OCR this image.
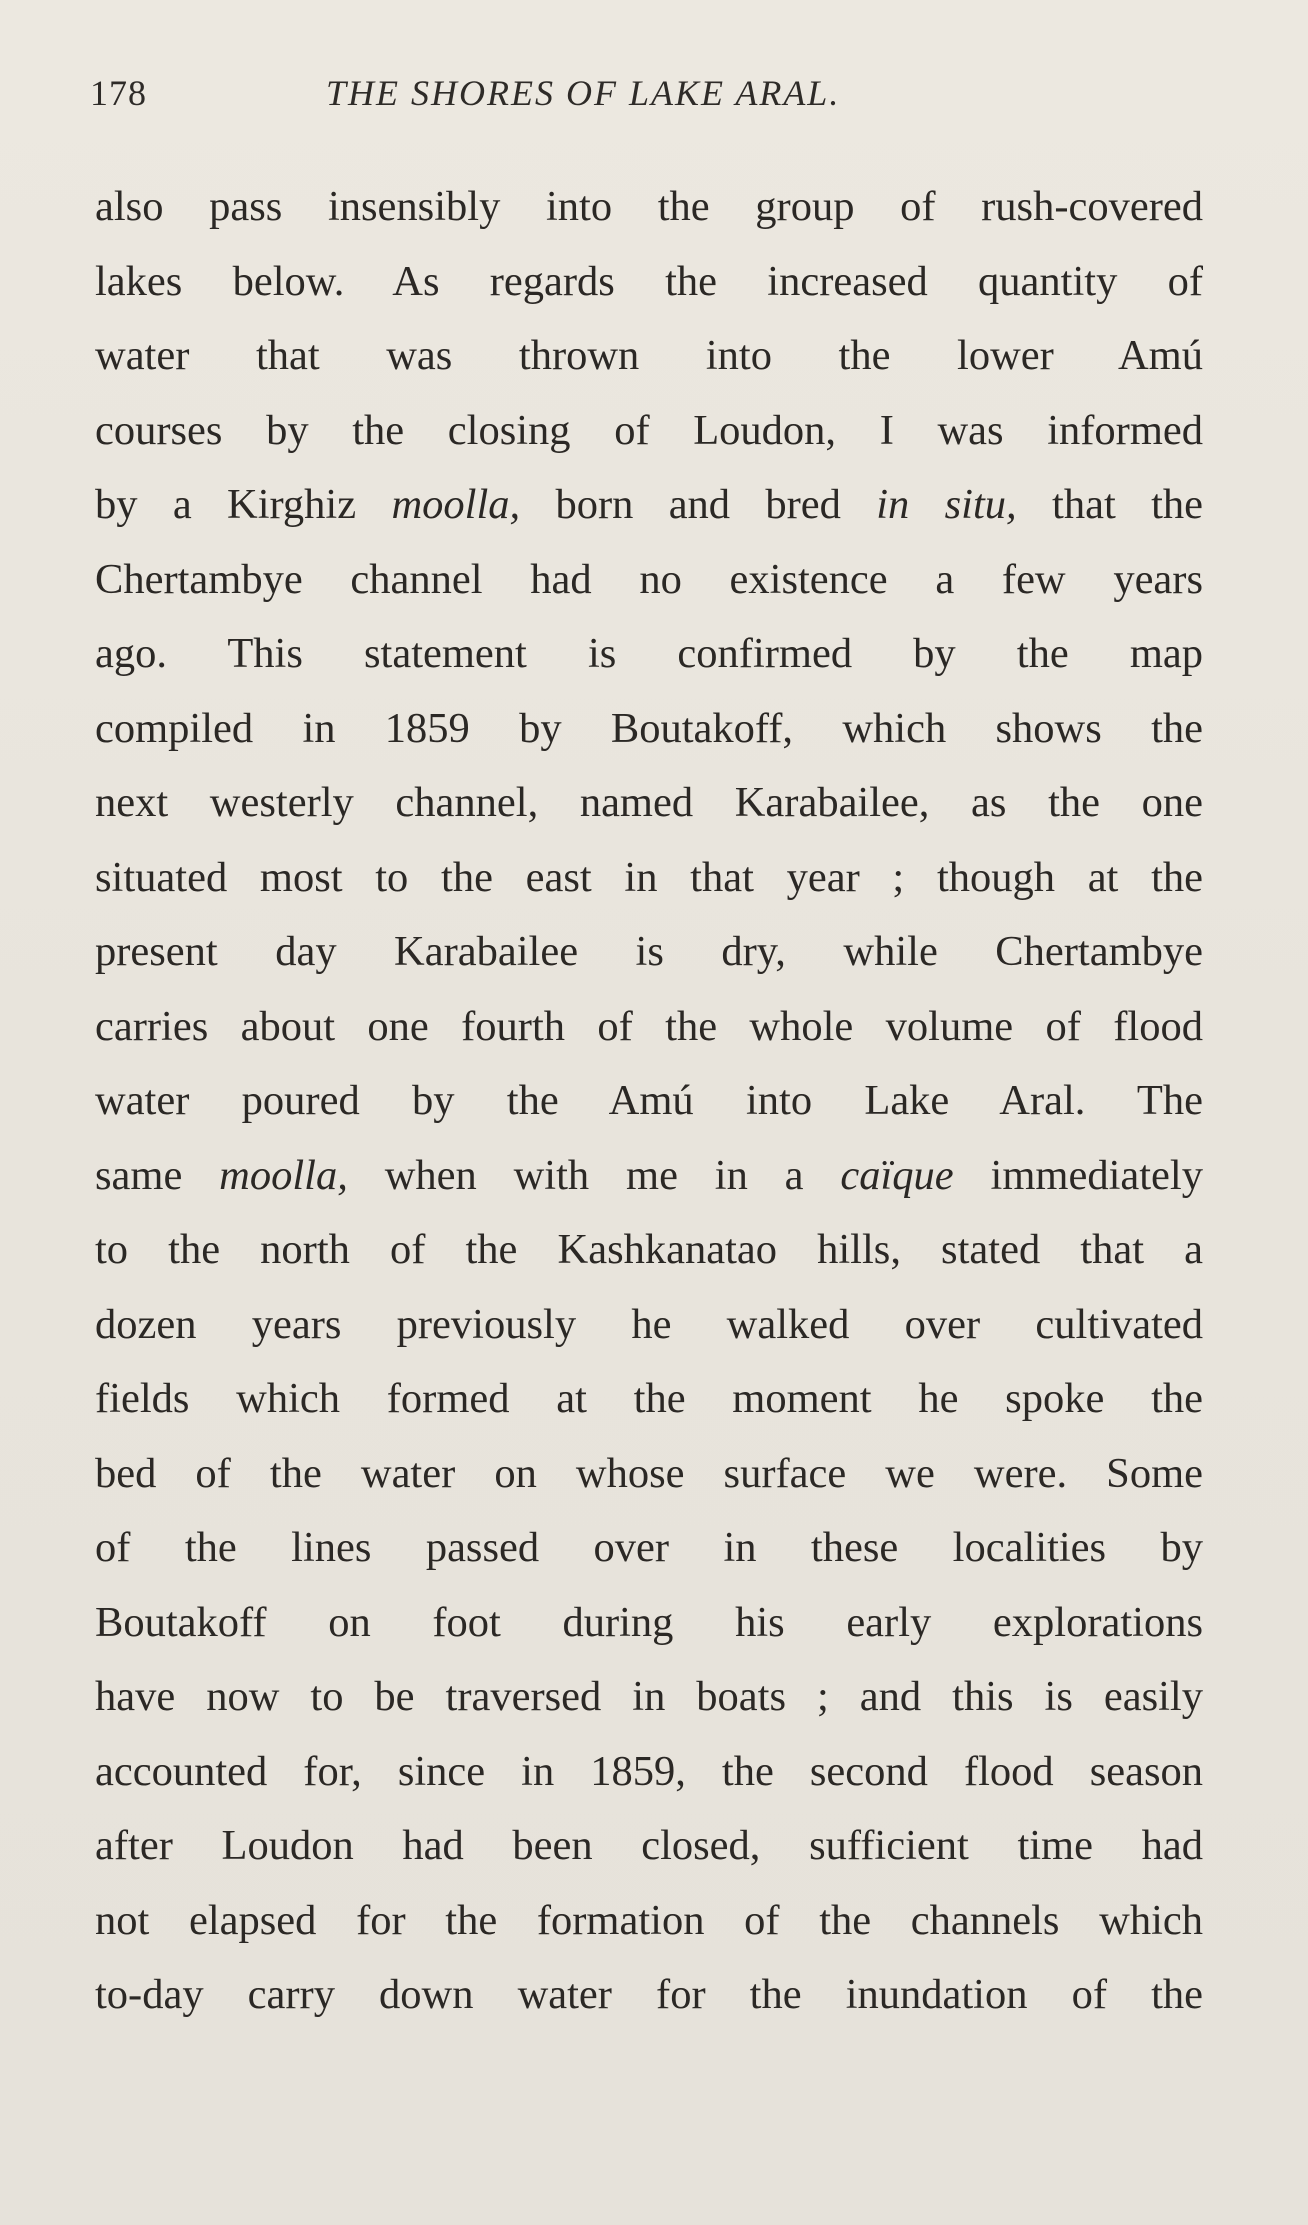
178	THE SHORES OF LAKE ARAL.
also pass insensibly into the group of rush-covered
lakes below. As regards the increased quantity of
water that was thrown into the lower Amú
courses by the closing of Loudon, I was informed
by a Kirghiz moolla, born and bred in situ, that the
Chertambye channel had no existence a few years
ago. This statement is confirmed by the map
compiled in 1859 by Boutakoff, which shows the
next westerly channel, named Karabailee, as the one
situated most to the east in that year ; though at the
present day Karabailee is dry, while Chertambye
carries about one fourth of the whole volume of flood
water poured by the Amú into Lake Aral. The
same moolla, when with me in a caïque immediately
to the north of the Kashkanatao hills, stated that a
dozen years previously he walked over cultivated
fields which formed at the moment he spoke the
bed of the water on whose surface we were. Some
of the lines passed over in these localities by
Boutakoff on foot during his early explorations
have now to be traversed in boats ; and this is easily
accounted for, since in 1859, the second flood season
after Loudon had been closed, sufficient time had
not elapsed for the formation of the channels which
to-day carry down water for the inundation of the
